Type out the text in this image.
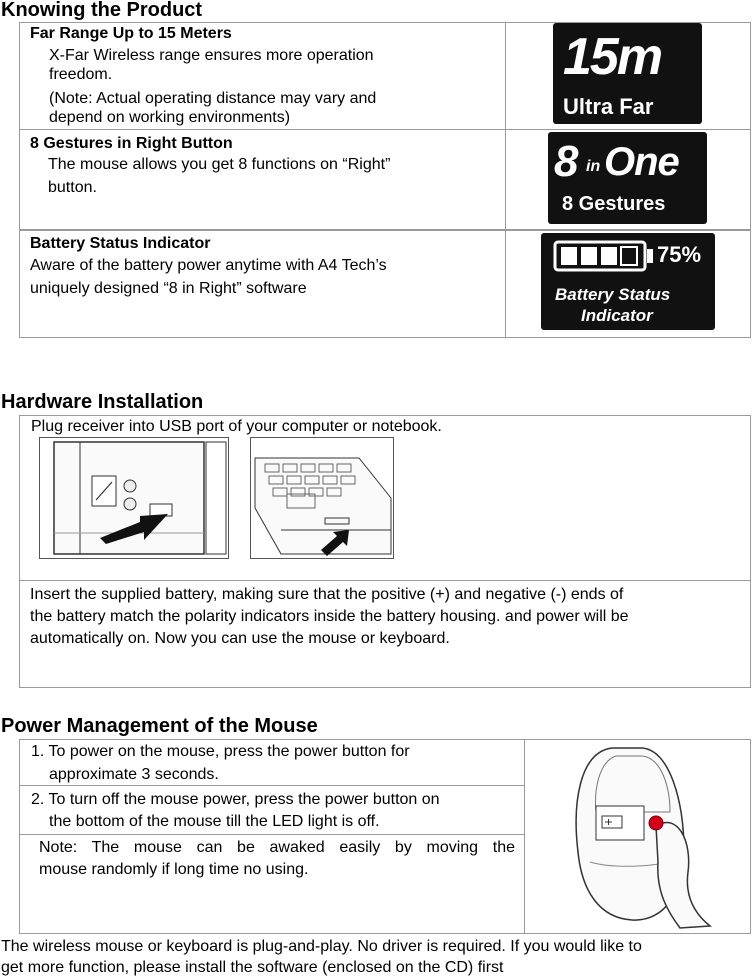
Knowing the Product
Far Range Up to 15 Meters
X-Far Wireless range ensures more operation
freedom.
(Note: Actual operating distance may vary and
depend on working environments)
15m
Ultra Far
8 Gestures in Right Button
The mouse allows you get 8 functions on “Right”
button.
8 in One
8 Gestures
Battery Status Indicator
Aware of the battery power anytime with A4 Tech’s
uniquely designed “8 in Right” software
75%
Battery Status
Indicator
Hardware Installation
Plug receiver into USB port of your computer or notebook.
Insert the supplied battery, making sure that the positive (+) and negative (-) ends of
the battery match the polarity indicators inside the battery housing. and power will be
automatically on. Now you can use the mouse or keyboard.
Power Management of the Mouse
1. To power on the mouse, press the power button for
approximate 3 seconds.
2. To turn off the mouse power, press the power button on
the bottom of the mouse till the LED light is off.
Note: The mouse can be awaked easily by moving the
mouse randomly if long time no using.
The wireless mouse or keyboard is plug-and-play. No driver is required. If you would like to
get more function, please install the software (enclosed on the CD) first
